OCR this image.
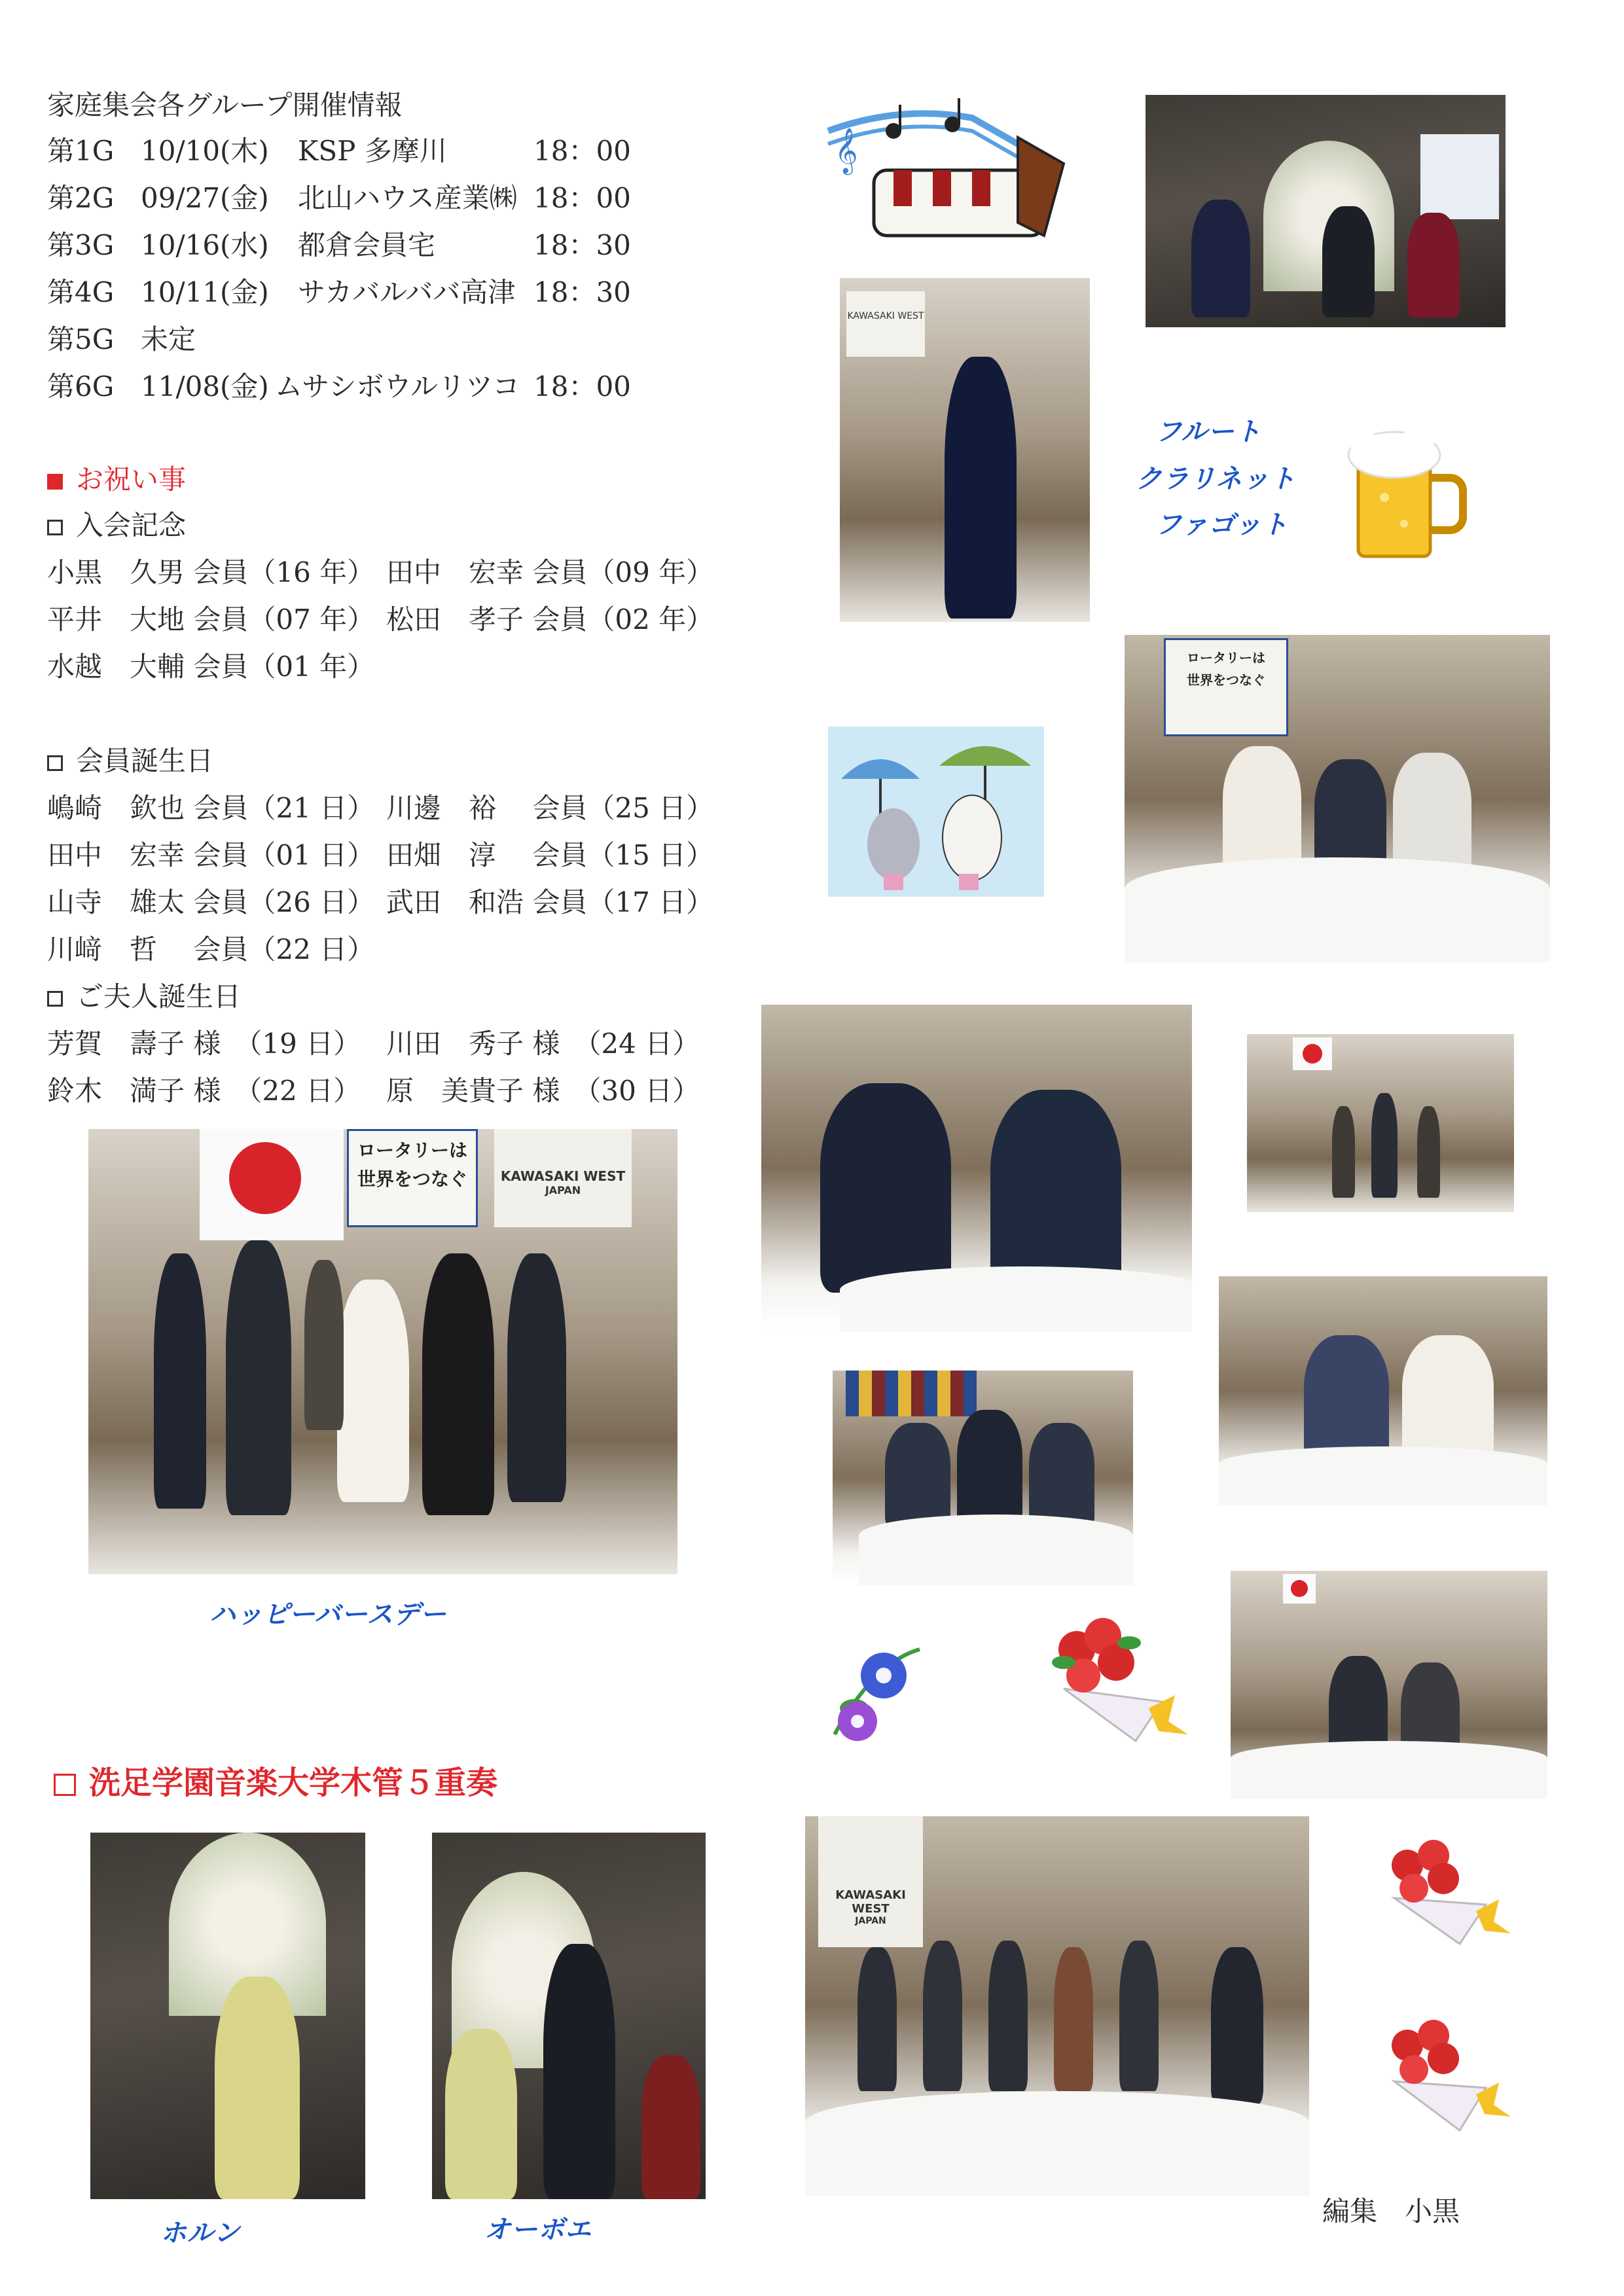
家庭集会各グループ開催情報
第1G 10/10(木) KSP 多摩川	18：00
第2G 09/27(金) 北山ハウス産業㈱ 18：00
第3G 10/16(水) 都倉会員宅	18：30
第4G 10/11(金) サカバルババ高津 18：30
第5G 未定
第6G 11/08(金) ムサシボウルリツコ 18：00
お祝い事
入会記念
小黒　久男 会員（16 年） 田中　宏幸 会員（09 年）
平井　大地 会員（07 年） 松田　孝子 会員（02 年）
水越　大輔 会員（01 年）
会員誕生日
嶋崎　欽也 会員（21 日） 川邊　裕　 会員（25 日）
田中　宏幸 会員（01 日） 田畑　淳　 会員（15 日）
山寺　雄太 会員（26 日） 武田　和浩 会員（17 日）
川﨑　哲　 会員（22 日）
ご夫人誕生日
芳賀　壽子 様　（19 日） 川田　秀子 様　（24 日）
鈴木　満子 様　（22 日） 原　美貴子 様　（30 日）
ロータリーは
世界をつなぐ	KAWASAKI WEST
JAPAN
ハッピーバースデー
洗足学園音楽大学木管５重奏
ホルン	オーボエ
𝄞
KAWASAKI WEST
フルート
クラリネット
ファゴット
ロータリーは
世界をつなぐ
KAWASAKI WEST
JAPAN
編集　小黒
